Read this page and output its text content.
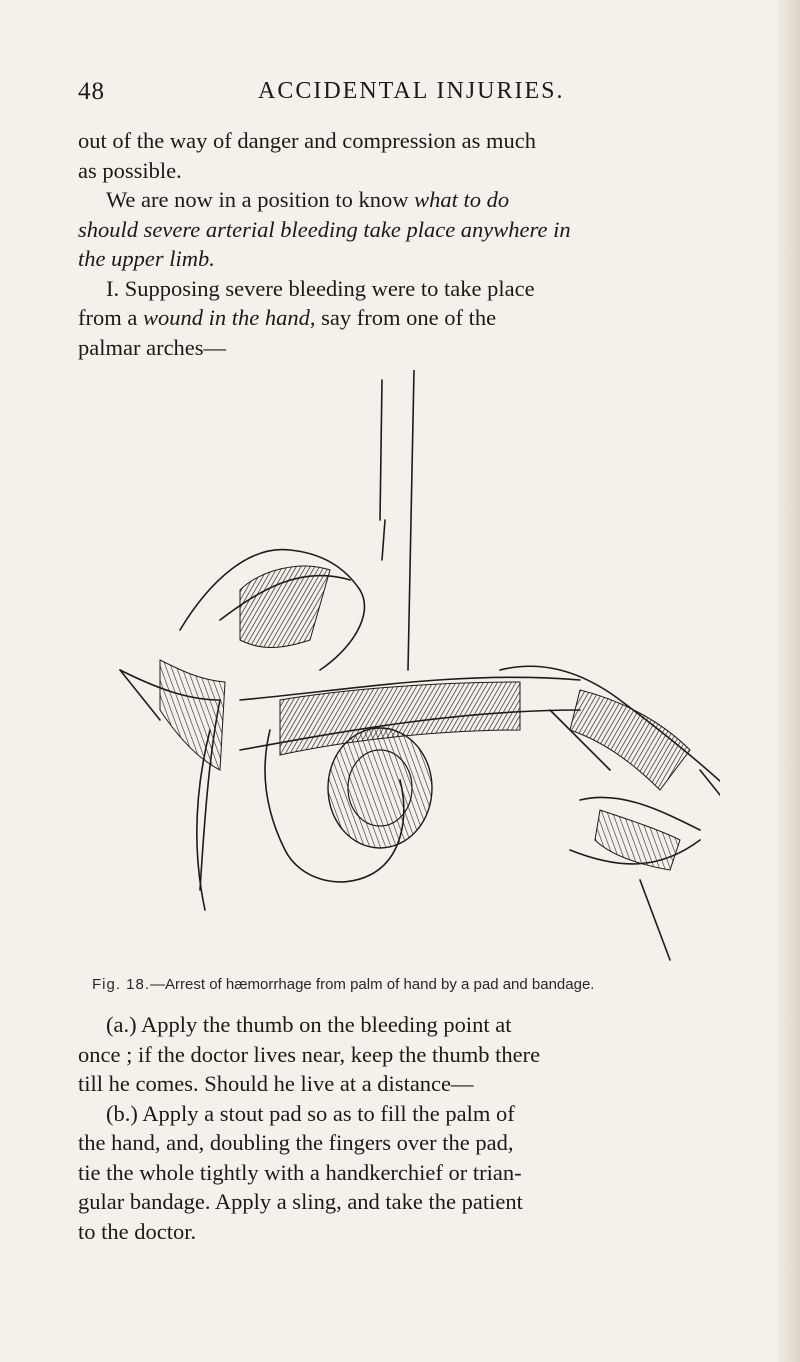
48	ACCIDENTAL INJURIES.
out of the way of danger and compression as much
as possible.
We are now in a position to know what to do
should severe arterial bleeding take place anywhere in
the upper limb.
I. Supposing severe bleeding were to take place
from a wound in the hand, say from one of the
palmar arches—
Fig. 18.—Arrest of hæmorrhage from palm of hand by a pad and bandage.
(a.) Apply the thumb on the bleeding point at
once ; if the doctor lives near, keep the thumb there
till he comes. Should he live at a distance—
(b.) Apply a stout pad so as to fill the palm of
the hand, and, doubling the fingers over the pad,
tie the whole tightly with a handkerchief or trian-
gular bandage. Apply a sling, and take the patient
to the doctor.
